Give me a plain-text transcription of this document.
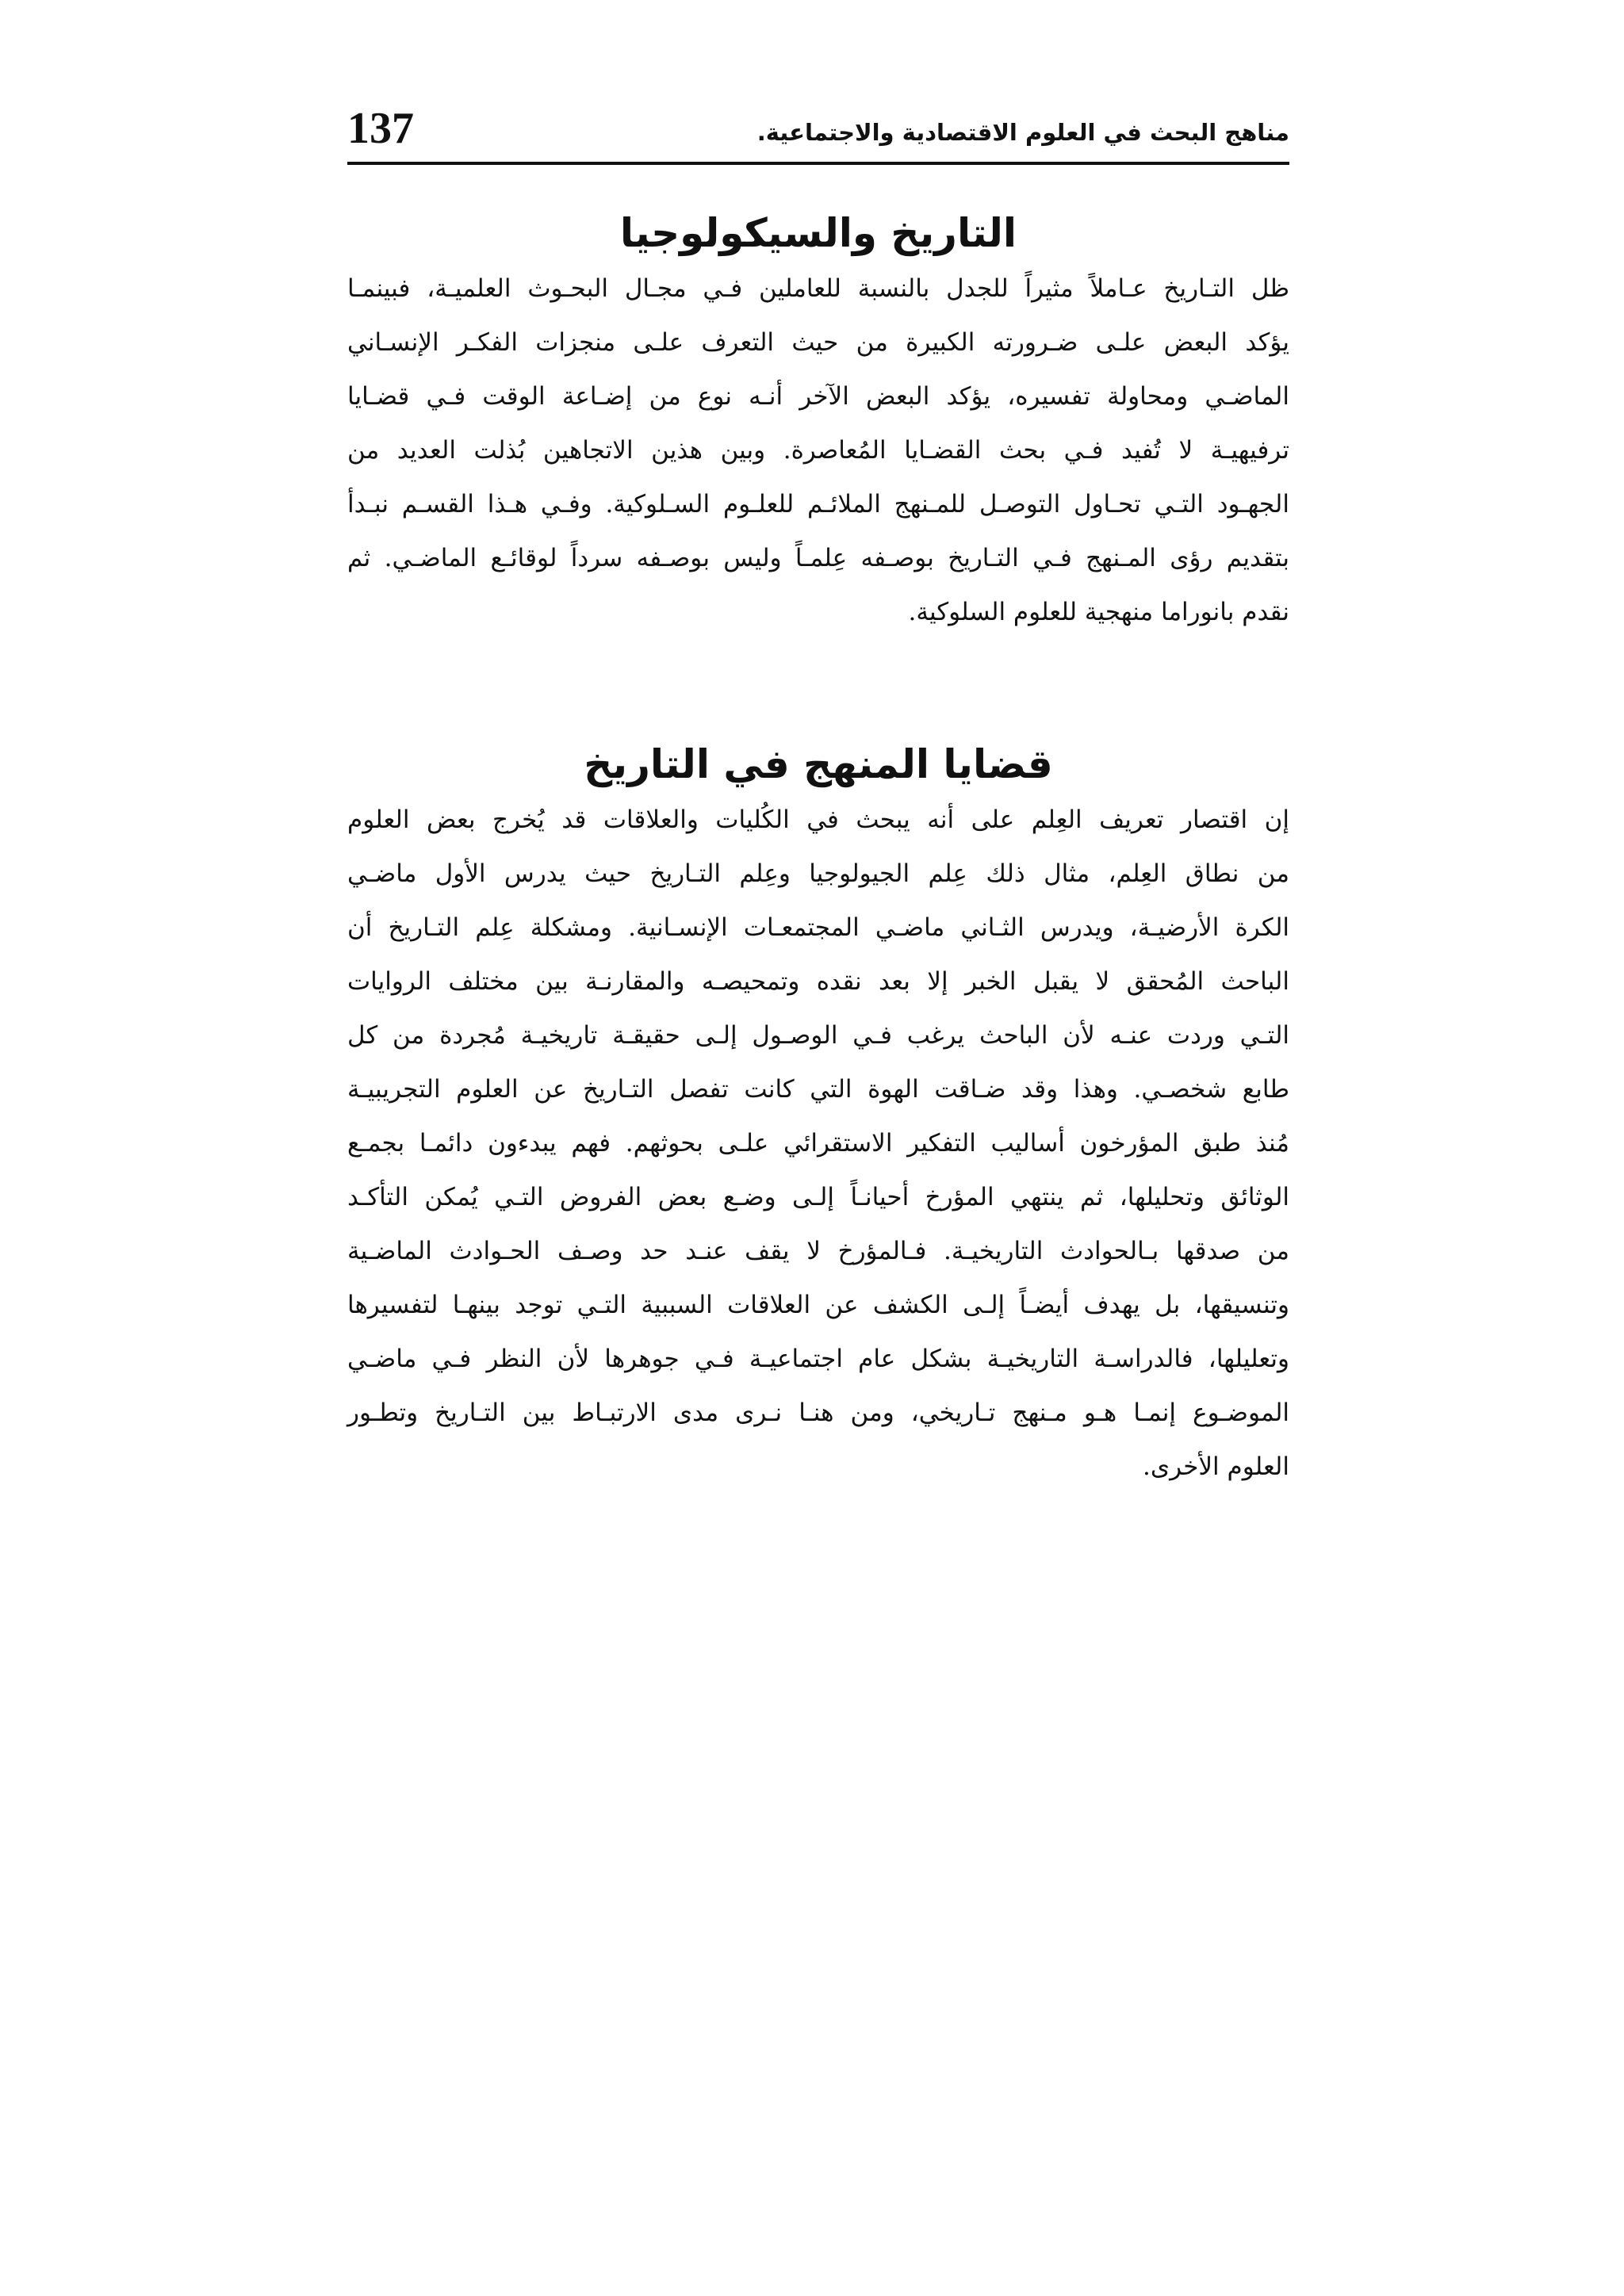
137	مناهج البحث في العلوم الاقتصادية والاجتماعية.
التاريخ والسيكولوجيا
ظل التـاريخ عـاملاً مثيراً للجدل بالنسبة للعاملين فـي مجـال البحـوث العلميـة، فبينمـا
يؤكد البعض علـى ضـرورته الكبيرة من حيث التعرف علـى منجزات الفكـر الإنسـاني
الماضـي ومحاولة تفسيره، يؤكد البعض الآخر أنـه نوع من إضـاعة الوقت فـي قضـايا
ترفيهيـة لا تُفيد فـي بحث القضـايا المُعاصرة. وبين هذين الاتجاهين بُذلت العديد من
الجهـود التـي تحـاول التوصـل للمـنهج الملائـم للعلـوم السـلوكية. وفـي هـذا القسـم نبـدأ
بتقديم رؤى المـنهج فـي التـاريخ بوصـفه عِلمـاً وليس بوصـفه سرداً لوقائـع الماضـي. ثم
نقدم بانوراما منهجية للعلوم السلوكية.
قضايا المنهج في التاريخ
إن اقتصار تعريف العِلم على أنه يبحث في الكُليات والعلاقات قد يُخرج بعض العلوم
من نطاق العِلم، مثال ذلك عِلم الجيولوجيا وعِلم التـاريخ حيث يدرس الأول ماضـي
الكرة الأرضيـة، ويدرس الثـاني ماضـي المجتمعـات الإنسـانية. ومشكلة عِلم التـاريخ أن
الباحث المُحقق لا يقبل الخبر إلا بعد نقده وتمحيصـه والمقارنـة بين مختلف الروايات
التـي وردت عنـه لأن الباحث يرغب فـي الوصـول إلـى حقيقـة تاريخيـة مُجردة من كل
طابع شخصـي. وهذا وقد ضـاقت الهوة التي كانت تفصل التـاريخ عن العلوم التجريبيـة
مُنذ طبق المؤرخون أساليب التفكير الاستقرائي علـى بحوثهم. فهم يبدءون دائمـا بجمـع
الوثائق وتحليلها، ثم ينتهي المؤرخ أحيانـاً إلـى وضـع بعض الفروض التـي يُمكن التأكـد
من صدقها بـالحوادث التاريخيـة. فـالمؤرخ لا يقف عنـد حد وصـف الحـوادث الماضـية
وتنسيقها، بل يهدف أيضـاً إلـى الكشف عن العلاقات السببية التـي توجد بينهـا لتفسيرها
وتعليلها، فالدراسـة التاريخيـة بشكل عام اجتماعيـة فـي جوهرها لأن النظر فـي ماضـي
الموضـوع إنمـا هـو مـنهج تـاريخي، ومن هنـا نـرى مدى الارتبـاط بين التـاريخ وتطـور
العلوم الأخرى.
